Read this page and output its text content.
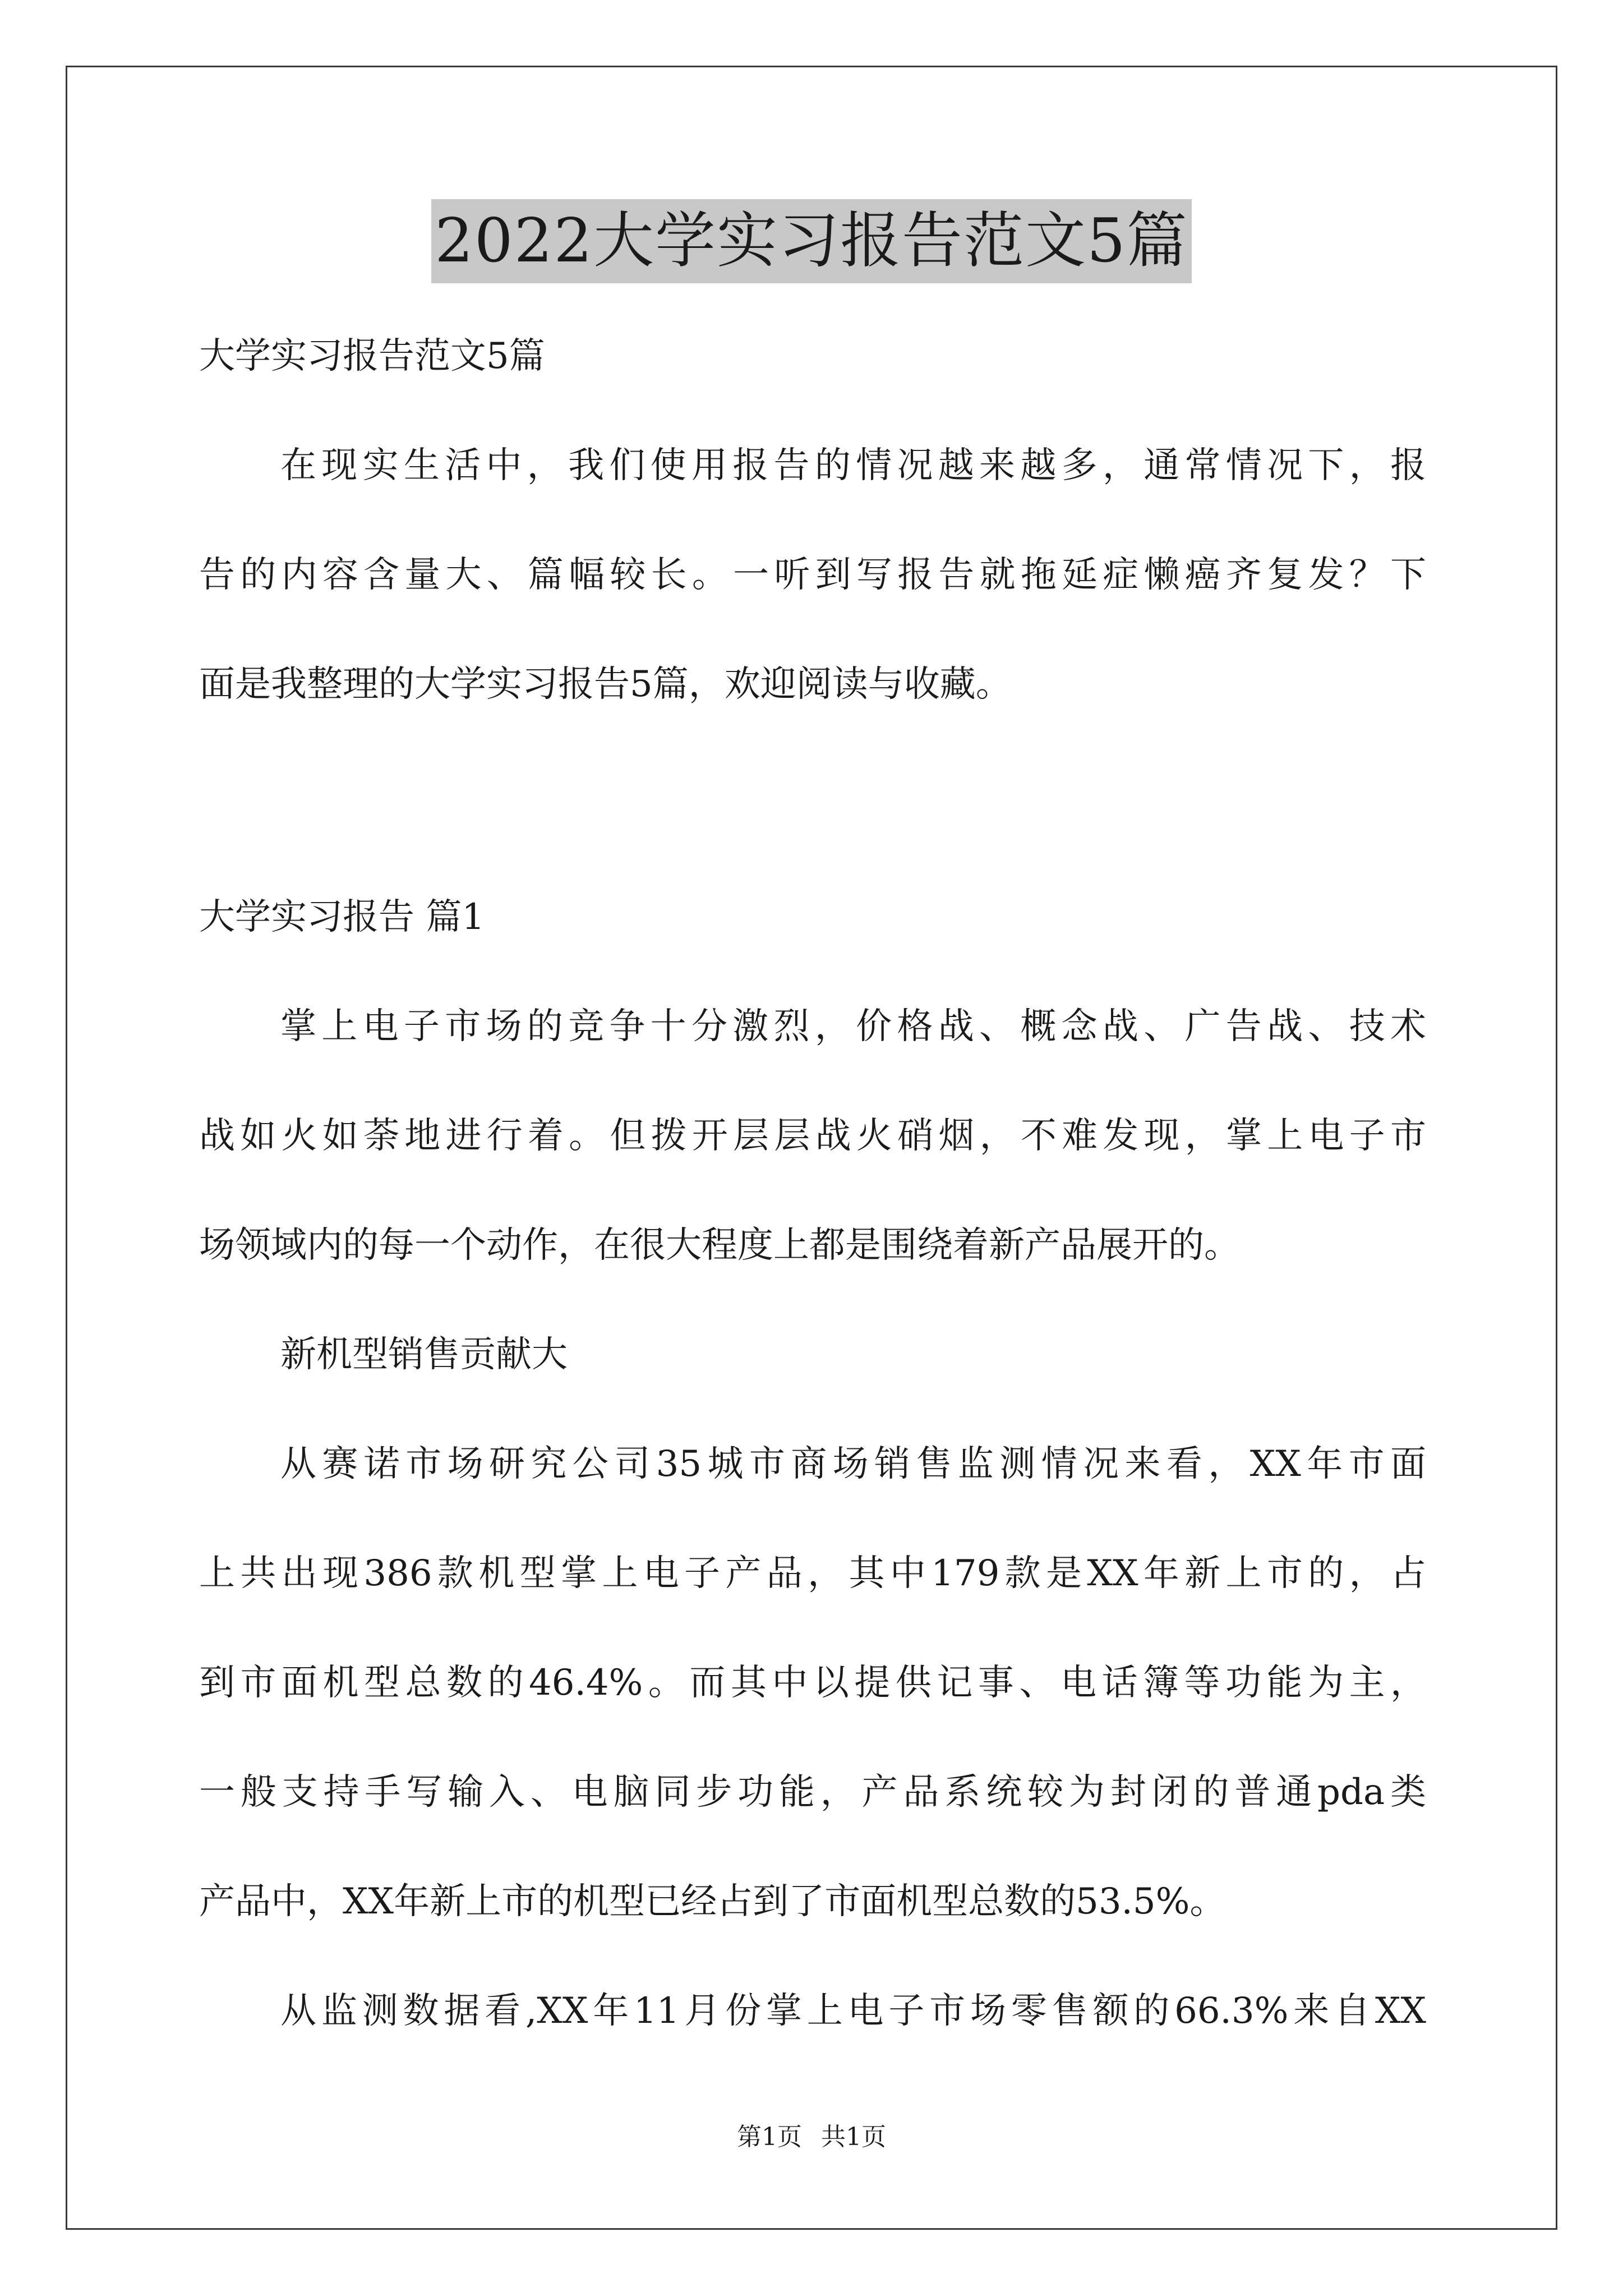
2022大学实习报告范文5篇

大学实习报告范文5篇

在现实生活中，我们使用报告的情况越来越多，通常情况下，报

告的内容含量大、篇幅较长。一听到写报告就拖延症懒癌齐复发？下

面是我整理的大学实习报告5篇，欢迎阅读与收藏。

大学实习报告 篇1

掌上电子市场的竞争十分激烈，价格战、概念战、广告战、技术

战如火如荼地进行着。但拨开层层战火硝烟，不难发现，掌上电子市

场领域内的每一个动作，在很大程度上都是围绕着新产品展开的。

新机型销售贡献大

从赛诺市场研究公司35城市商场销售监测情况来看，XX年市面

上共出现386款机型掌上电子产品，其中179款是XX年新上市的，占

到市面机型总数的46.4%。而其中以提供记事、电话簿等功能为主，

一般支持手写输入、电脑同步功能，产品系统较为封闭的普通pda类

产品中，XX年新上市的机型已经占到了市面机型总数的53.5%。

从监测数据看,XX年11月份掌上电子市场零售额的66.3%来自XX

第1页 共1页
